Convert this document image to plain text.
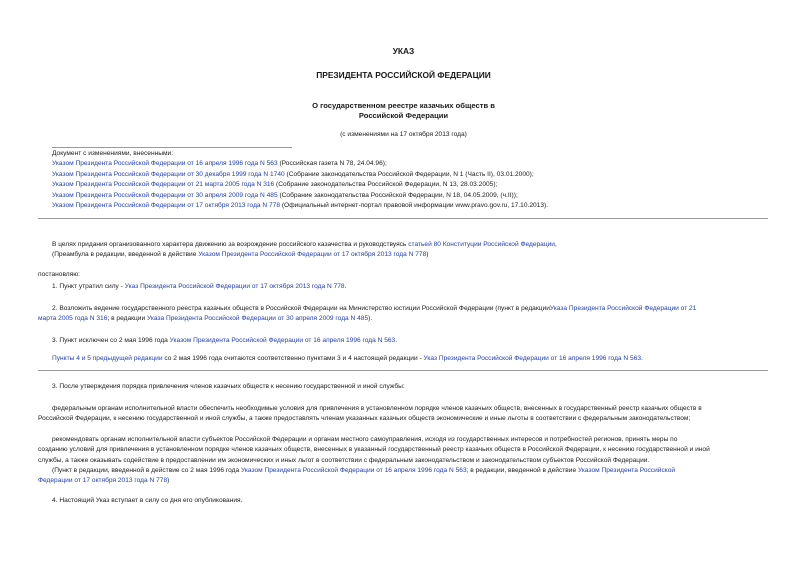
УКАЗ
ПРЕЗИДЕНТА РОССИЙСКОЙ ФЕДЕРАЦИИ
О государственном реестре казачьих обществ в
Российской Федерации
(с изменениями на 17 октября 2013 года)

Документ с изменениями, внесенными:

Указом Президента Российской Федерации от 16 апреля 1996 года N 563 (Российская газета N 78, 24.04.96);

Указом Президента Российской Федерации от 30 декабря 1999 года N 1740 (Собрание законодательства Российской Федерации, N 1 (Часть II), 03.01.2000);

Указом Президента Российской Федерации от 21 марта 2005 года N 316 (Собрание законодательства Российской Федерации, N 13, 28.03.2005);

Указом Президента Российской Федерации от 30 апреля 2009 года N 485 (Собрание законодательства Российской Федерации, N 18, 04.05.2009, (ч.II));

Указом Президента Российской Федерации от 17 октября 2013 года N 778 (Официальный интернет-портал правовой информации www.pravo.gov.ru, 17.10.2013).

В целях придания организованного характера движению за возрождение российского казачества и руководствуясь статьей 80 Конституции Российской Федерации,

(Преамбула в редакции, введенной в действие Указом Президента Российской Федерации от 17 октября 2013 года N 778)

постановляю:
1. Пункт утратил силу - Указ Президента Российской Федерации от 17 октября 2013 года N 778.

2. Возложить ведение государственного реестра казачьих обществ в Российской Федерации на Министерство юстиции Российской Федерации (пункт в редакцииУказа Президента Российской Федерации от 21

марта 2005 года N 316; в редакции Указа Президента Российской Федерации от 30 апреля 2009 года N 485).

3. Пункт исключен со 2 мая 1996 года Указом Президента Российской Федерации от 16 апреля 1996 года N 563.
Пункты 4 и 5 предыдущей редакции со 2 мая 1996 года считаются соответственно пунктами 3 и 4 настоящей редакции - Указ Президента Российской Федерации от 16 апреля 1996 года N 563.
3. После утверждения порядка привлечения членов казачьих обществ к несению государственной и иной службы:

федеральным органам исполнительной власти обеспечить необходимые условия для привлечения в установленном порядке членов казачьих обществ, внесенных в государственный реестр казачьих обществ в

Российской Федерации, к несению государственной и иной службы, а также предоставлять членам указанных казачьих обществ экономические и иные льготы в соответствии с федеральным законодательством;

рекомендовать органам исполнительной власти субъектов Российской Федерации и органам местного самоуправления, исходя из государственных интересов и потребностей регионов, принять меры по

созданию условий для привлечения в установленном порядке членов казачьих обществ, внесенных в указанный государственный реестр казачьих обществ в Российской Федерации, к несению государственной и иной

службы, а также оказывать содействие в предоставлении им экономических и иных льгот в соответствии с федеральным законодательством и законодательством субъектов Российской Федерации.

(Пункт в редакции, введенной в действие со 2 мая 1996 года Указом Президента Российской Федерации от 16 апреля 1996 года N 563; в редакции, введенной в действие Указом Президента Российской

Федерации от 17 октября 2013 года N 778)

4. Настоящий Указ вступает в силу со дня его опубликования.
